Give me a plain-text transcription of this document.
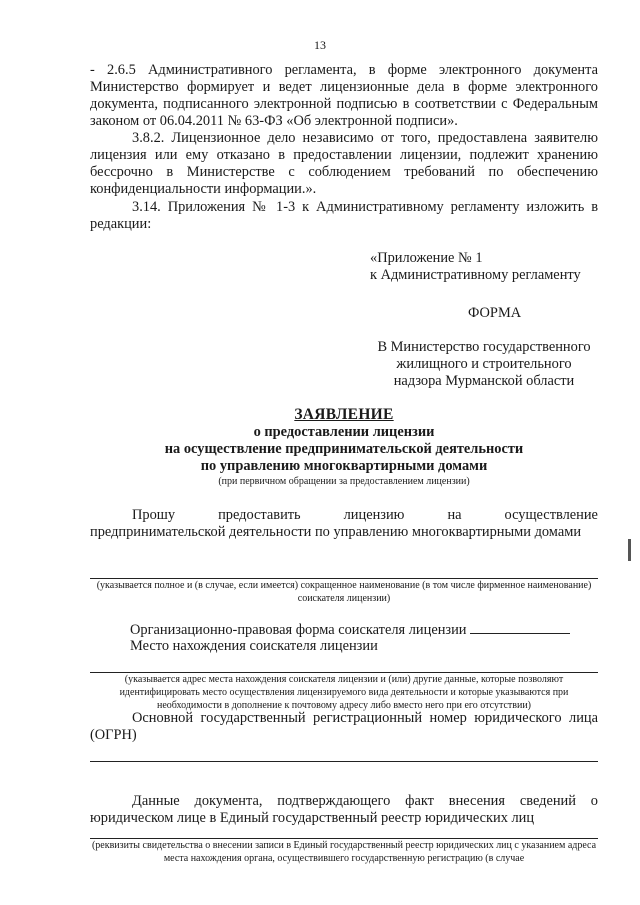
13
- 2.6.5 Административного регламента, в форме электронного документа Министерство формирует и ведет лицензионные дела в форме электронного документа, подписанного электронной подписью в соответствии с Федеральным законом от 06.04.2011 № 63-ФЗ «Об электронной подписи».
3.8.2. Лицензионное дело независимо от того, предоставлена заявителю лицензия или ему отказано в предоставлении лицензии, подлежит хранению бессрочно в Министерстве с соблюдением требований по обеспечению конфиденциальности информации.».
3.14. Приложения № 1-3 к Административному регламенту изложить в редакции:
«Приложение № 1
к Административному регламенту
ФОРМА
В Министерство государственного
жилищного и строительного
надзора Мурманской области
ЗАЯВЛЕНИЕ
о предоставлении лицензии
на осуществление предпринимательской деятельности
по управлению многоквартирными домами
(при первичном обращении за предоставлением лицензии)
Прошу	предоставить	лицензию	на	осуществление
предпринимательской деятельности по управлению многоквартирными домами
(указывается полное и (в случае, если имеется) сокращенное наименование (в том числе фирменное наименование) соискателя лицензии)
Организационно-правовая форма соискателя лицензии
Место нахождения соискателя лицензии
(указывается адрес места нахождения соискателя лицензии и (или) другие данные, которые позволяют идентифицировать место осуществления лицензируемого вида деятельности и которые указываются при необходимости в дополнение к почтовому адресу либо вместо него при его отсутствии)
Основной государственный регистрационный номер юридического лица (ОГРН)
Данные документа, подтверждающего факт внесения сведений о юридическом лице в Единый государственный реестр юридических лиц
(реквизиты свидетельства о внесении записи в Единый государственный реестр юридических лиц с указанием адреса места нахождения органа, осуществившего государственную регистрацию (в случае
